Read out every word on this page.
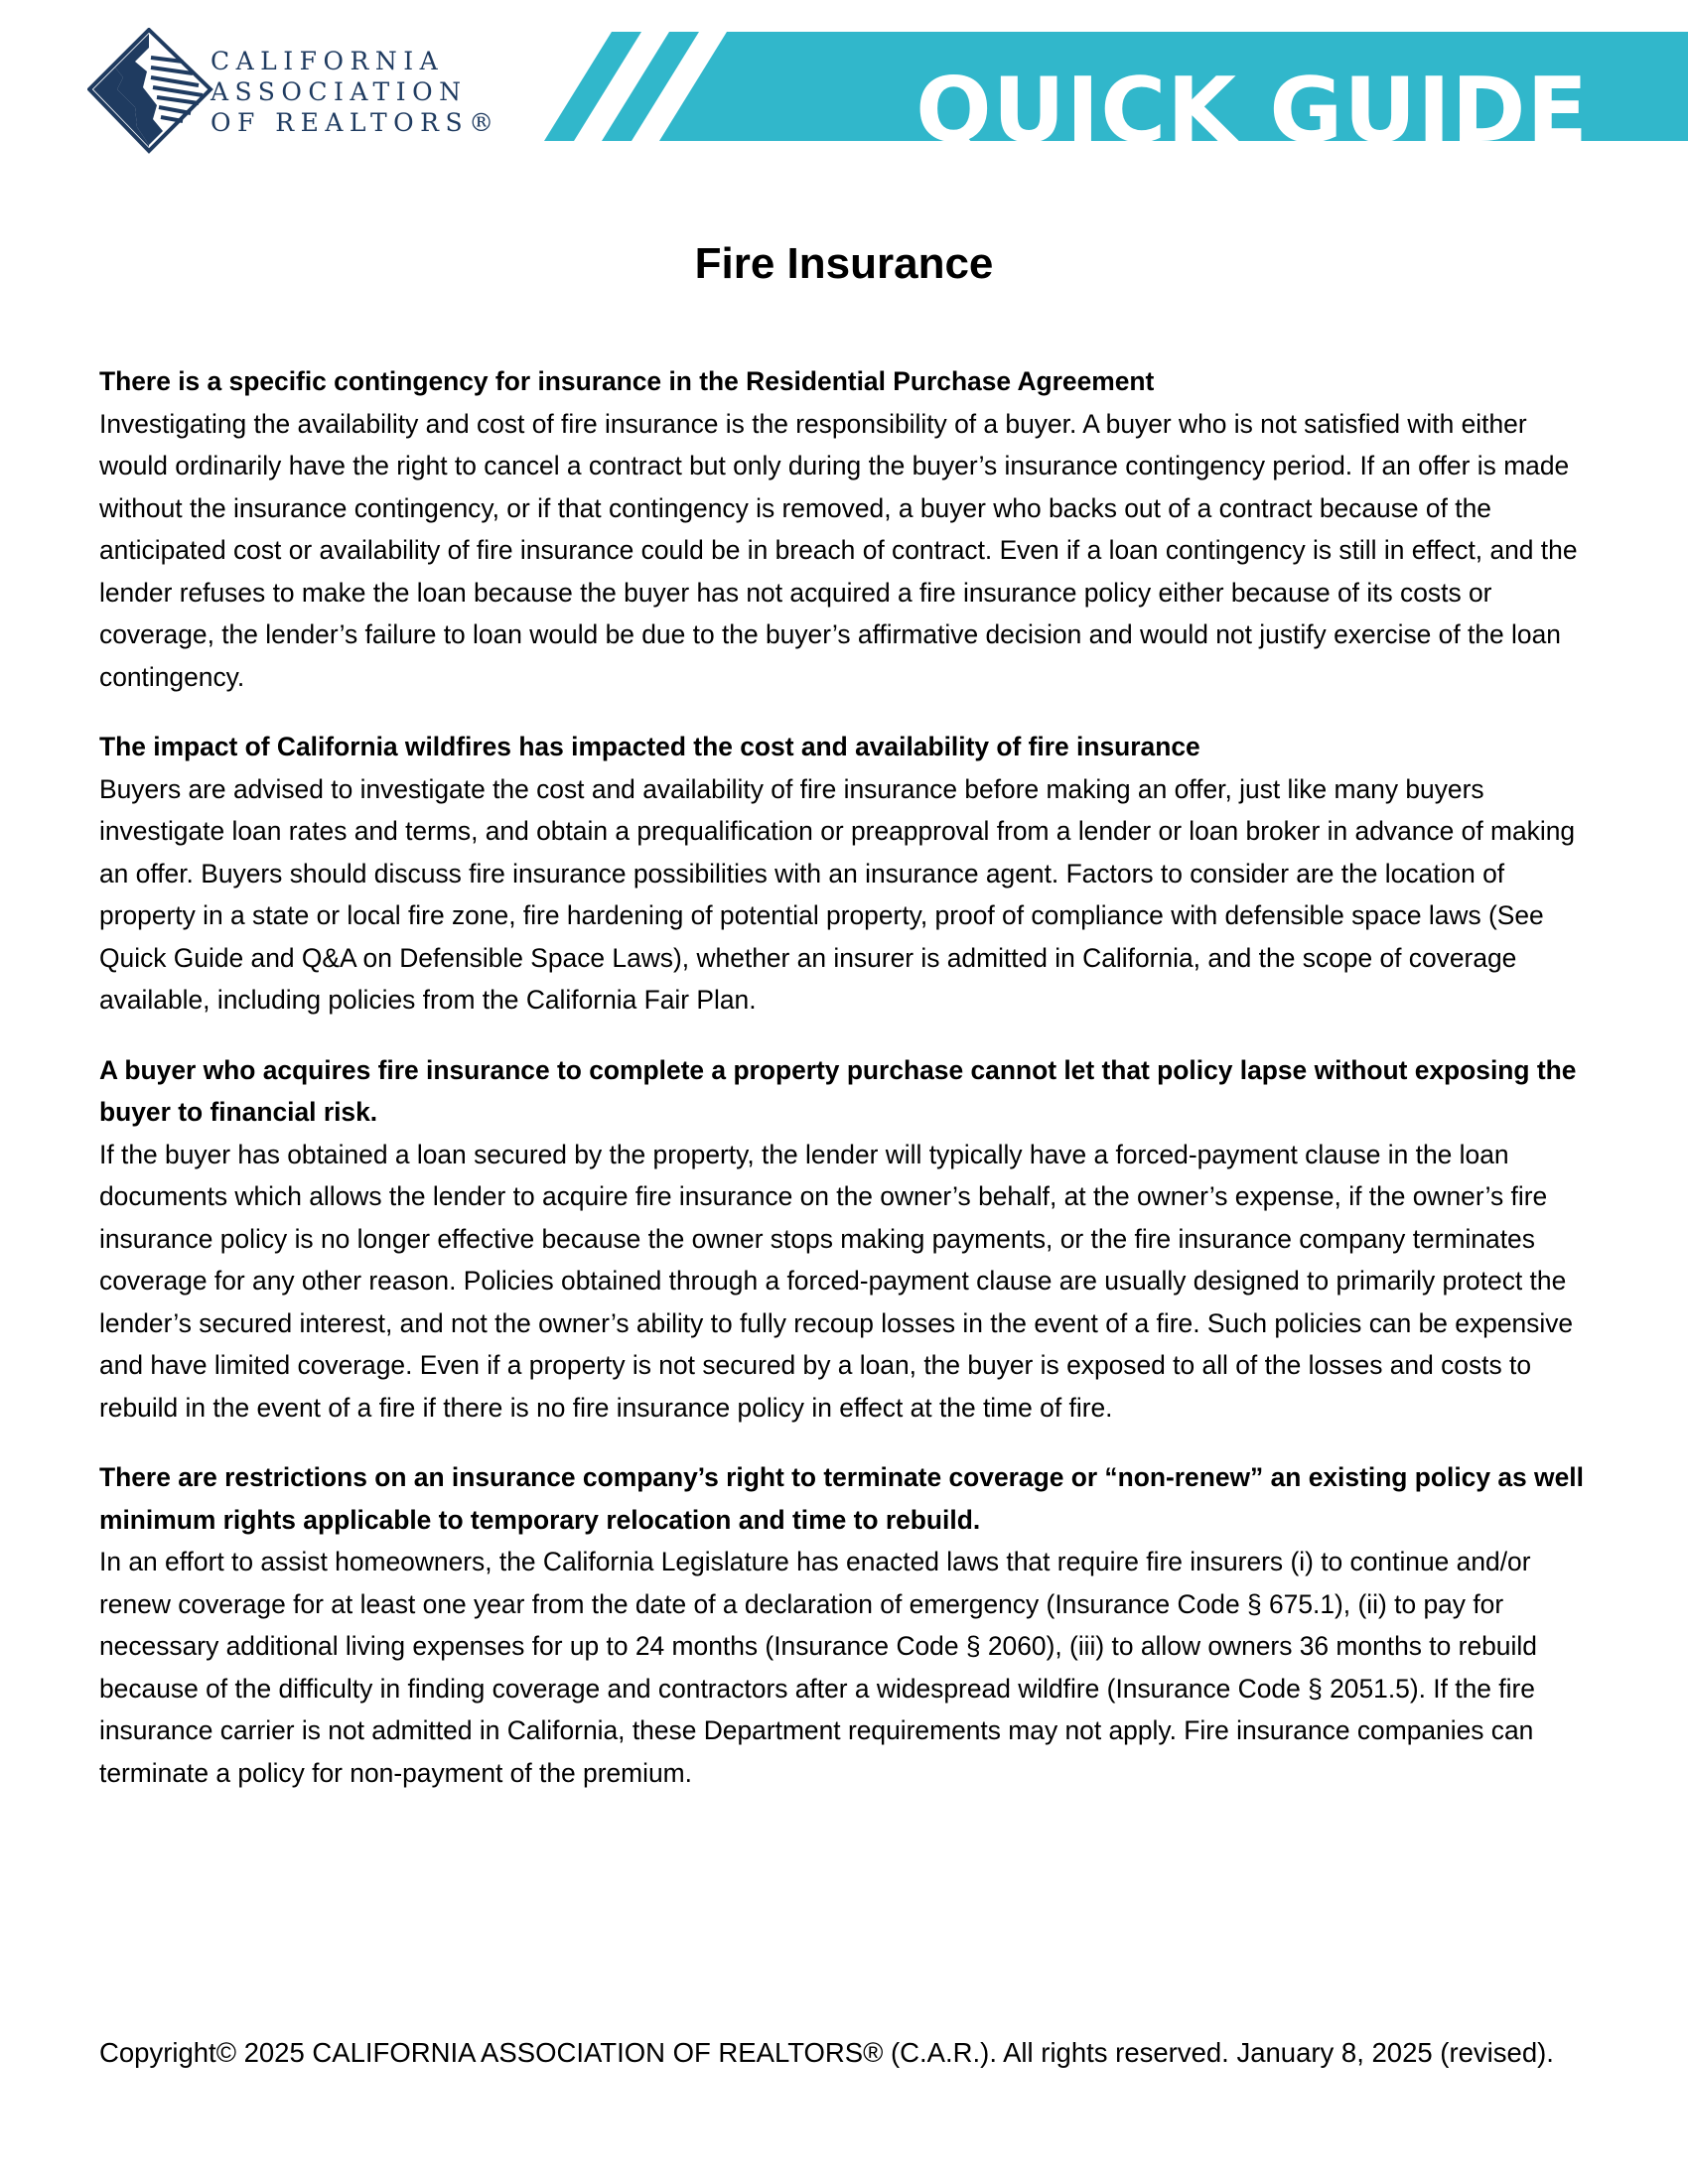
CALIFORNIA
ASSOCIATION
OF REALTORS®	QUICK GUIDE
Fire Insurance

There is a specific contingency for insurance in the Residential Purchase Agreement

Investigating the availability and cost of fire insurance is the responsibility of a buyer. A buyer who is not satisfied with either would ordinarily have the right to cancel a contract but only during the buyer’s insurance contingency period. If an offer is made without the insurance contingency, or if that contingency is removed, a buyer who backs out of a contract because of the anticipated cost or availability of fire insurance could be in breach of contract. Even if a loan contingency is still in effect, and the lender refuses to make the loan because the buyer has not acquired a fire insurance policy either because of its costs or coverage, the lender’s failure to loan would be due to the buyer’s affirmative decision and would not justify exercise of the loan contingency.

The impact of California wildfires has impacted the cost and availability of fire insurance

Buyers are advised to investigate the cost and availability of fire insurance before making an offer, just like many buyers investigate loan rates and terms, and obtain a prequalification or preapproval from a lender or loan broker in advance of making an offer. Buyers should discuss fire insurance possibilities with an insurance agent. Factors to consider are the location of property in a state or local fire zone, fire hardening of potential property, proof of compliance with defensible space laws (See Quick Guide and Q&A on Defensible Space Laws), whether an insurer is admitted in California, and the scope of coverage available, including policies from the California Fair Plan.

A buyer who acquires fire insurance to complete a property purchase cannot let that policy lapse without exposing the buyer to financial risk.

If the buyer has obtained a loan secured by the property, the lender will typically have a forced-payment clause in the loan documents which allows the lender to acquire fire insurance on the owner’s behalf, at the owner’s expense, if the owner’s fire insurance policy is no longer effective because the owner stops making payments, or the fire insurance company terminates coverage for any other reason. Policies obtained through a forced-payment clause are usually designed to primarily protect the lender’s secured interest, and not the owner’s ability to fully recoup losses in the event of a fire. Such policies can be expensive and have limited coverage. Even if a property is not secured by a loan, the buyer is exposed to all of the losses and costs to rebuild in the event of a fire if there is no fire insurance policy in effect at the time of fire.

There are restrictions on an insurance company’s right to terminate coverage or “non-renew” an existing policy as well minimum rights applicable to temporary relocation and time to rebuild.

In an effort to assist homeowners, the California Legislature has enacted laws that require fire insurers (i) to continue and/or renew coverage for at least one year from the date of a declaration of emergency (Insurance Code § 675.1), (ii) to pay for necessary additional living expenses for up to 24 months (Insurance Code § 2060), (iii) to allow owners 36 months to rebuild because of the difficulty in finding coverage and contractors after a widespread wildfire (Insurance Code § 2051.5). If the fire insurance carrier is not admitted in California, these Department requirements may not apply. Fire insurance companies can terminate a policy for non-payment of the premium.

Copyright© 2025 CALIFORNIA ASSOCIATION OF REALTORS® (C.A.R.). All rights reserved. January 8, 2025 (revised).
